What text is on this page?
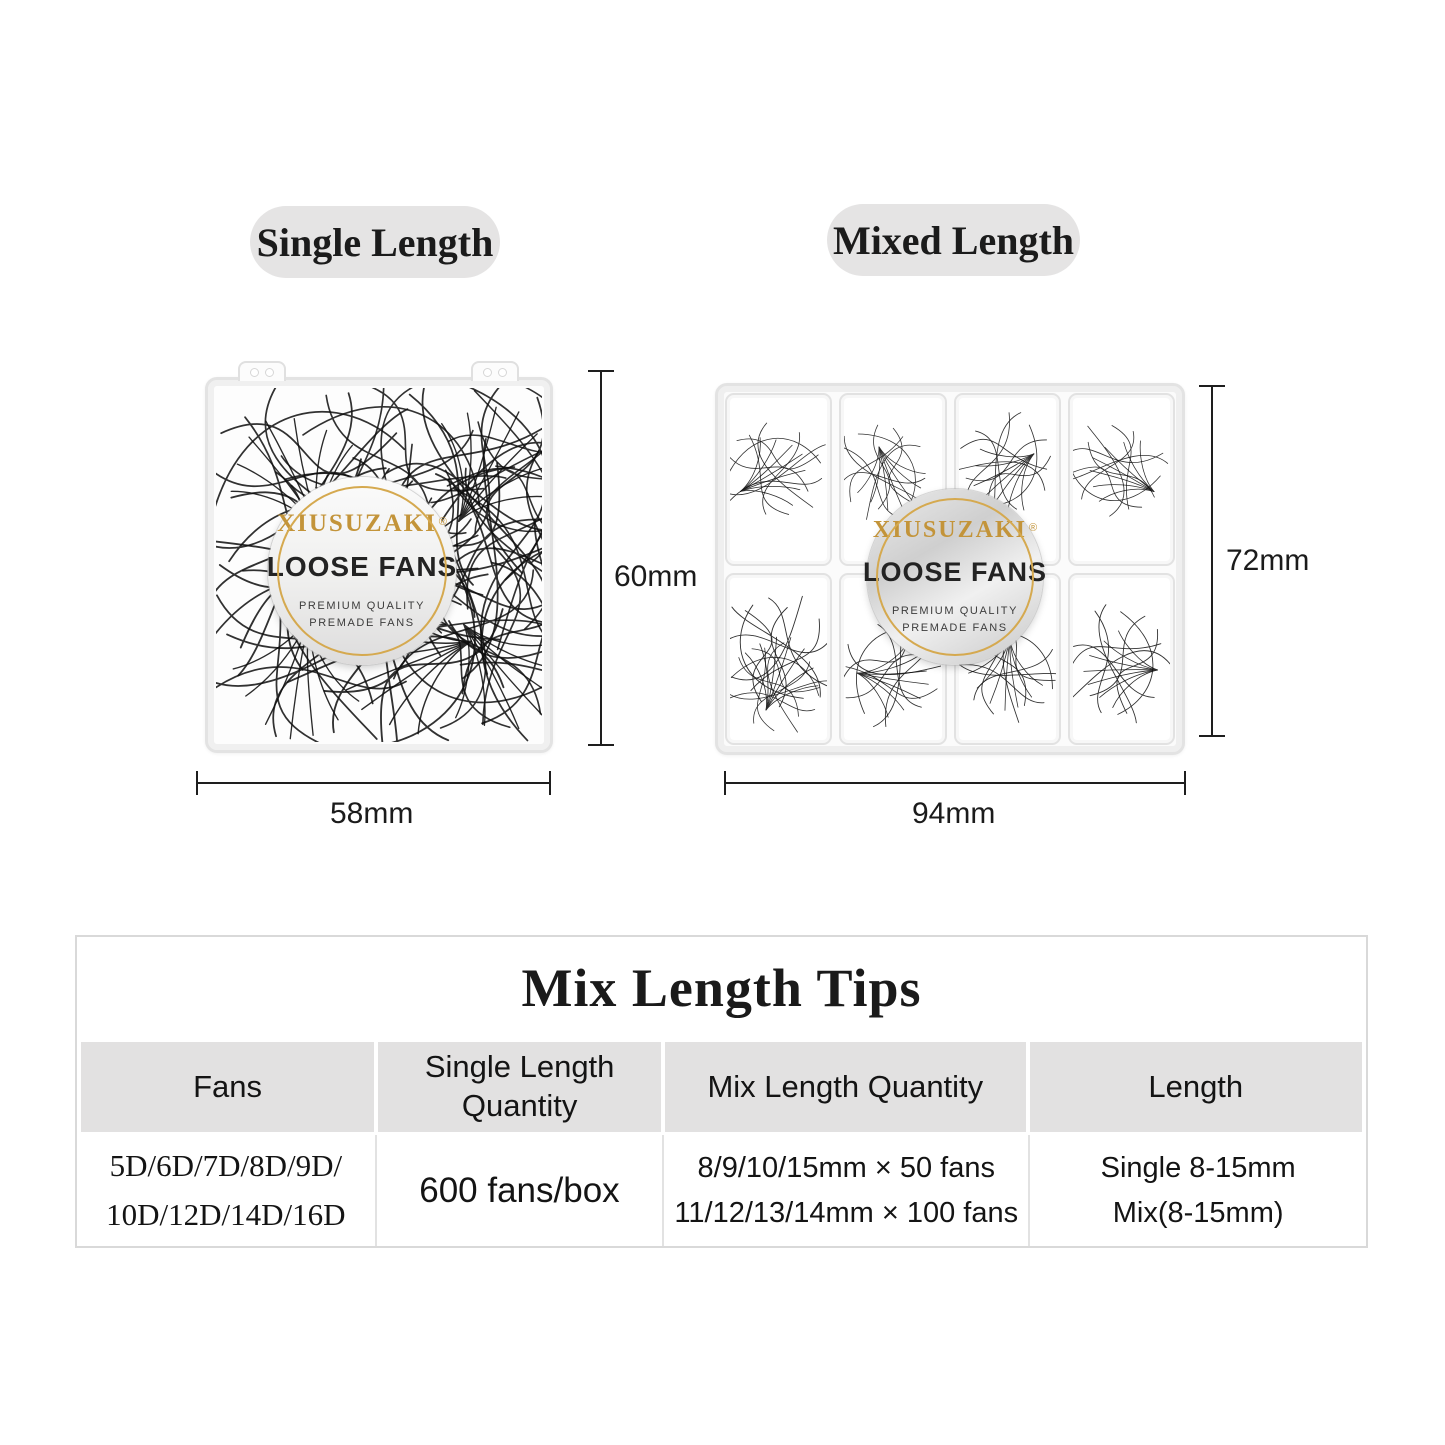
Single Length	Mixed Length
XIUSUZAKI ®
LOOSE FANS
PREMIUM QUALITY
PREMADE FANS
XIUSUZAKI ®
LOOSE FANS
PREMIUM QUALITY
PREMADE FANS
60mm
58mm
72mm
94mm
Mix Length Tips
Fans
Single Length Quantity
Mix Length Quantity	Length
5D/6D/7D/8D/9D/
10D/12D/14D/16D
600 fans/box
8/9/10/15mm × 50 fans
11/12/13/14mm × 100 fans
Single 8-15mm
Mix(8-15mm)
